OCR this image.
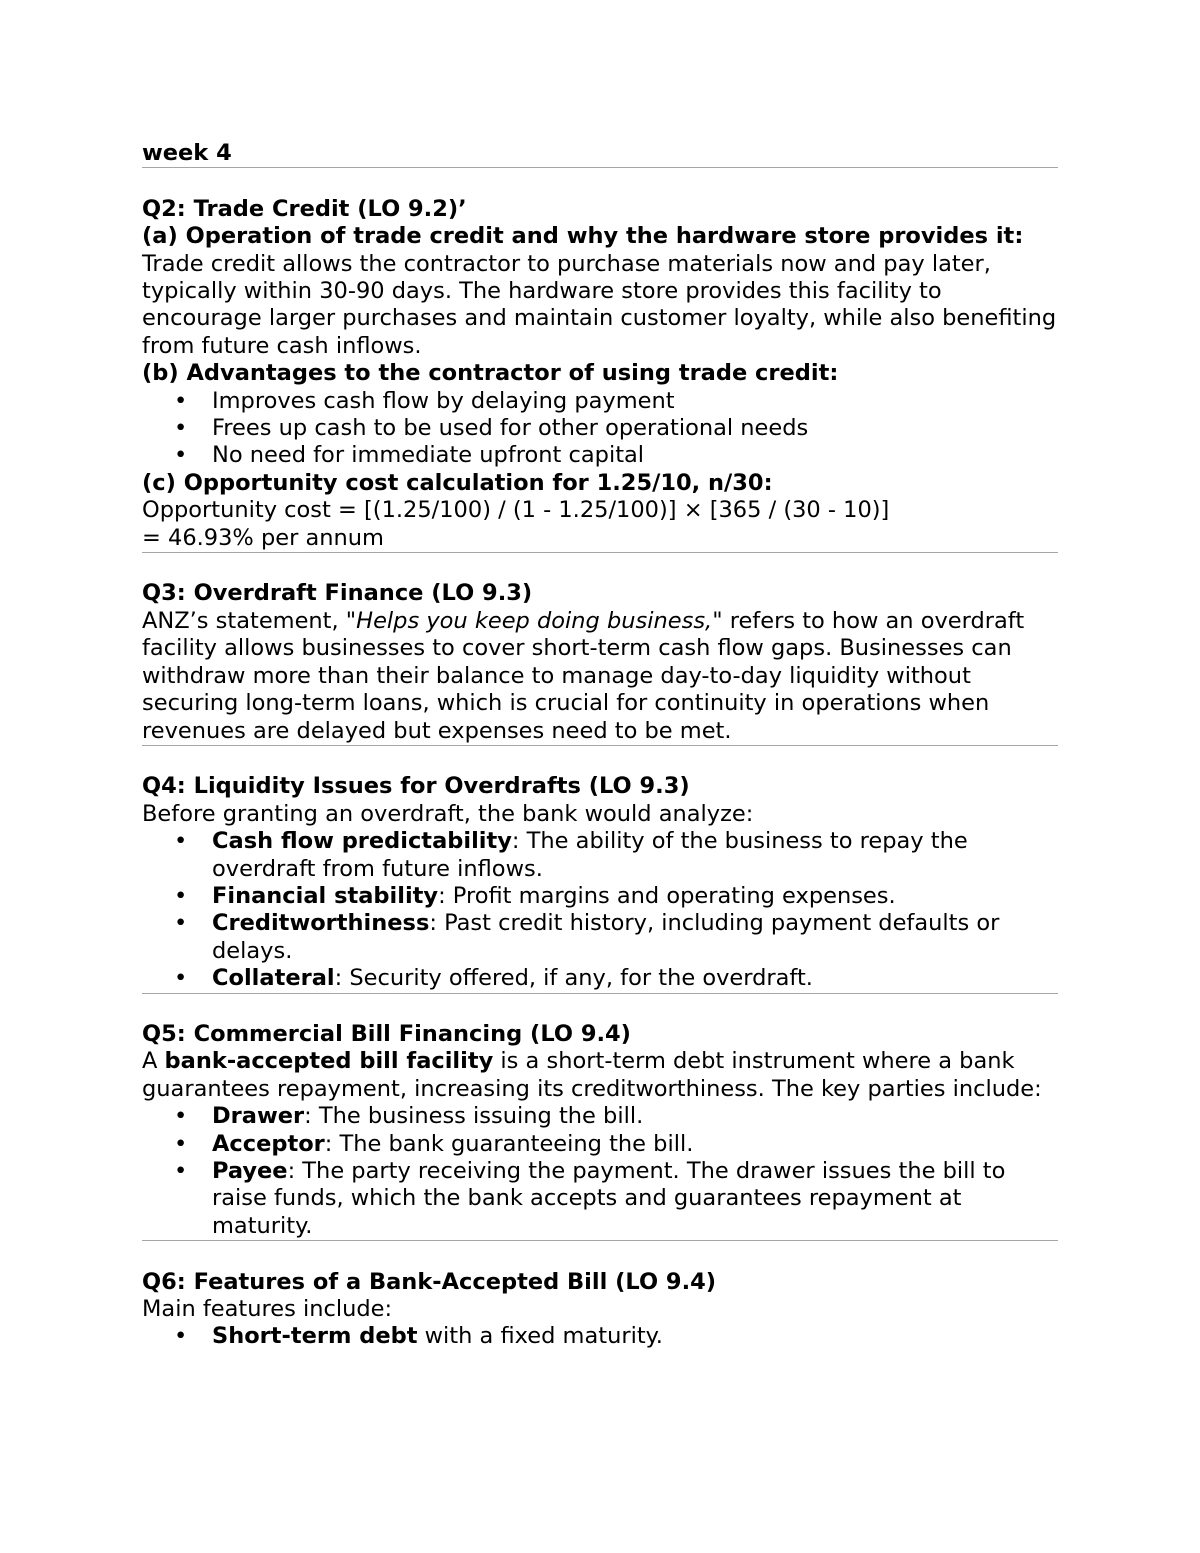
week 4

Q2: Trade Credit (LO 9.2)’

(a) Operation of trade credit and why the hardware store provides it:

Trade credit allows the contractor to purchase materials now and pay later, typically within 30-90 days. The hardware store provides this facility to encourage larger purchases and maintain customer loyalty, while also benefiting from future cash inflows.

(b) Advantages to the contractor of using trade credit:

• Improves cash flow by delaying payment
• Frees up cash to be used for other operational needs
• No need for immediate upfront capital

(c) Opportunity cost calculation for 1.25/10, n/30:

Opportunity cost = [(1.25/100) / (1 - 1.25/100)] × [365 / (30 - 10)]

= 46.93% per annum

Q3: Overdraft Finance (LO 9.3)

ANZ’s statement, "Helps you keep doing business," refers to how an overdraft facility allows businesses to cover short-term cash flow gaps. Businesses can withdraw more than their balance to manage day-to-day liquidity without securing long-term loans, which is crucial for continuity in operations when revenues are delayed but expenses need to be met.

Q4: Liquidity Issues for Overdrafts (LO 9.3)

Before granting an overdraft, the bank would analyze:

• Cash flow predictability: The ability of the business to repay the overdraft from future inflows.
• Financial stability: Profit margins and operating expenses.
• Creditworthiness: Past credit history, including payment defaults or delays.
• Collateral: Security offered, if any, for the overdraft.

Q5: Commercial Bill Financing (LO 9.4)

A bank-accepted bill facility is a short-term debt instrument where a bank guarantees repayment, increasing its creditworthiness. The key parties include:

• Drawer: The business issuing the bill.
• Acceptor: The bank guaranteeing the bill.
• Payee: The party receiving the payment. The drawer issues the bill to raise funds, which the bank accepts and guarantees repayment at maturity.

Q6: Features of a Bank-Accepted Bill (LO 9.4)

Main features include:

• Short-term debt with a fixed maturity.
